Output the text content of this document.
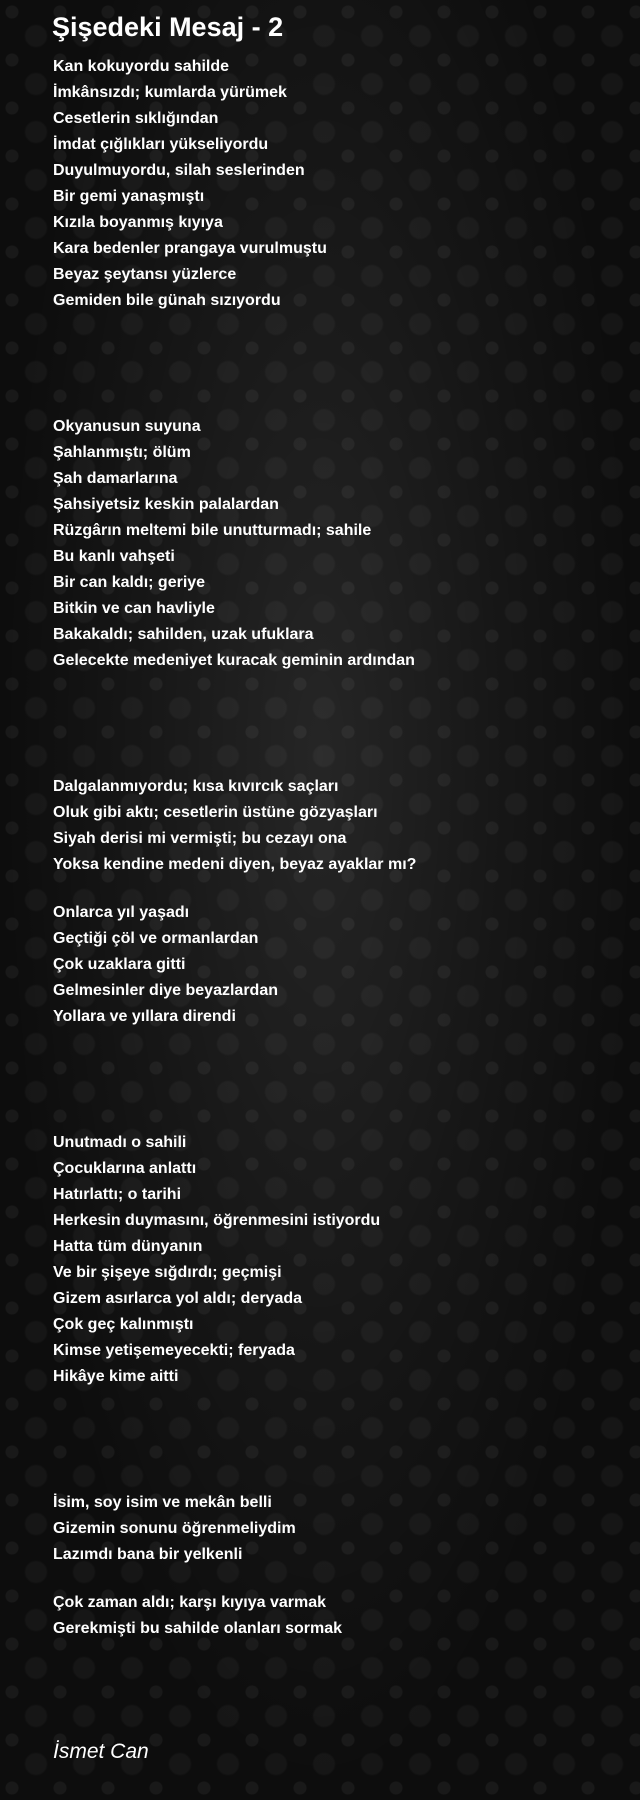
Şişedeki Mesaj - 2
Kan kokuyordu sahilde
İmkânsızdı; kumlarda yürümek
Cesetlerin sıklığından
İmdat çığlıkları yükseliyordu
Duyulmuyordu, silah seslerinden
Bir gemi yanaşmıştı
Kızıla boyanmış kıyıya
Kara bedenler prangaya vurulmuştu
Beyaz şeytansı yüzlerce
Gemiden bile günah sızıyordu
Okyanusun suyuna
Şahlanmıştı; ölüm
Şah damarlarına
Şahsiyetsiz keskin palalardan
Rüzgârın meltemi bile unutturmadı; sahile
Bu kanlı vahşeti
Bir can kaldı; geriye
Bitkin ve can havliyle
Bakakaldı; sahilden, uzak ufuklara
Gelecekte medeniyet kuracak geminin ardından
Dalgalanmıyordu; kısa kıvırcık saçları
Oluk gibi aktı; cesetlerin üstüne gözyaşları
Siyah derisi mi vermişti; bu cezayı ona
Yoksa kendine medeni diyen, beyaz ayaklar mı?
Onlarca yıl yaşadı
Geçtiği çöl ve ormanlardan
Çok uzaklara gitti
Gelmesinler diye beyazlardan
Yollara ve yıllara direndi
Unutmadı o sahili
Çocuklarına anlattı
Hatırlattı; o tarihi
Herkesin duymasını, öğrenmesini istiyordu
Hatta tüm dünyanın
Ve bir şişeye sığdırdı; geçmişi
Gizem asırlarca yol aldı; deryada
Çok geç kalınmıştı
Kimse yetişemeyecekti; feryada
Hikâye kime aitti
İsim, soy isim ve mekân belli
Gizemin sonunu öğrenmeliydim
Lazımdı bana bir yelkenli
Çok zaman aldı; karşı kıyıya varmak
Gerekmişti bu sahilde olanları sormak
İsmet Can
